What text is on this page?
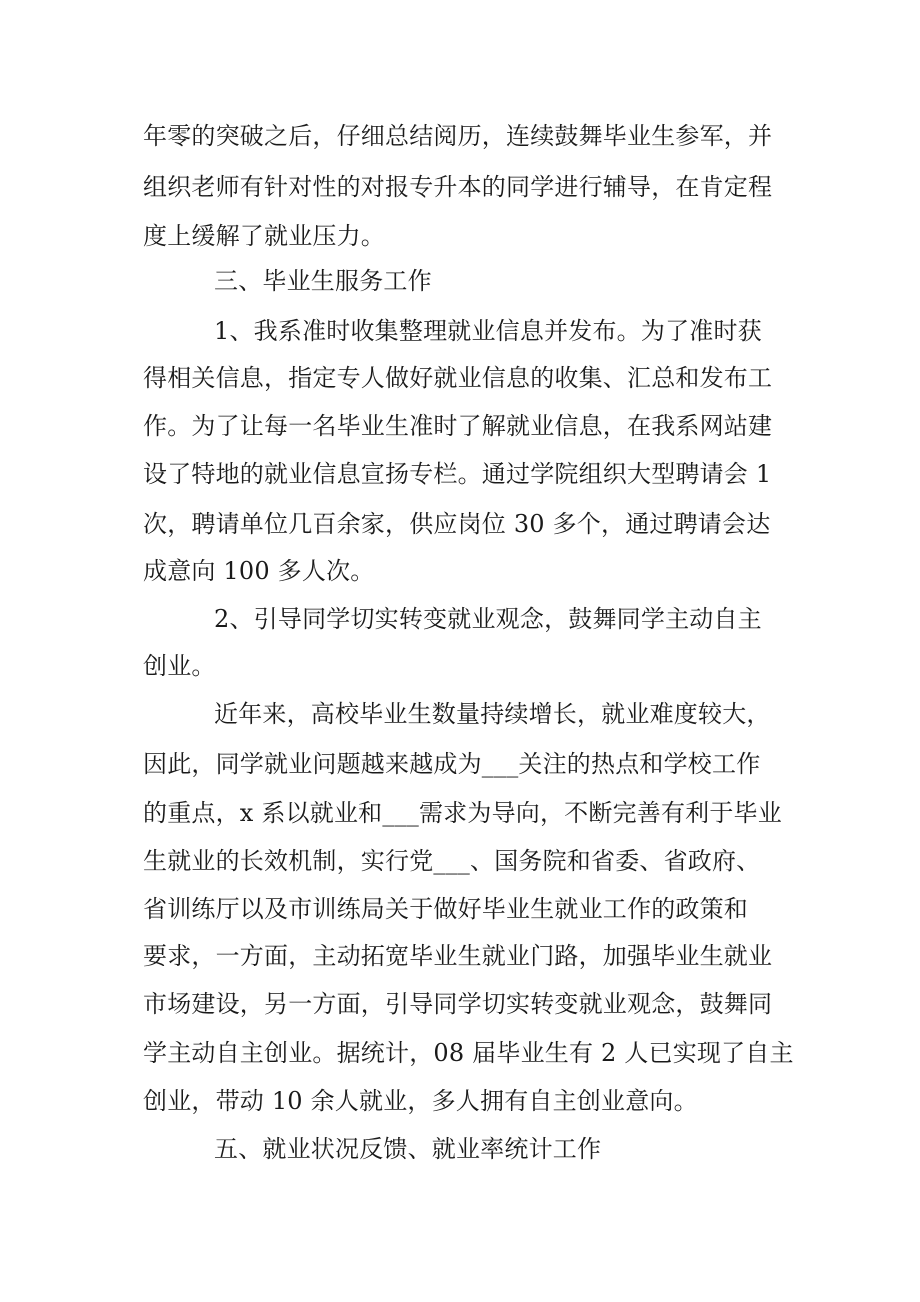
年零的突破之后，仔细总结阅历，连续鼓舞毕业生参军，并
组织老师有针对性的对报专升本的同学进行辅导，在肯定程
度上缓解了就业压力。
三、毕业生服务工作
1、我系准时收集整理就业信息并发布。为了准时获
得相关信息，指定专人做好就业信息的收集、汇总和发布工
作。为了让每一名毕业生准时了解就业信息，在我系网站建
设了特地的就业信息宣扬专栏。通过学院组织大型聘请会 1
次，聘请单位几百余家，供应岗位 30 多个，通过聘请会达
成意向 100 多人次。
2、引导同学切实转变就业观念，鼓舞同学主动自主
创业。
近年来，高校毕业生数量持续增长，就业难度较大，
因此，同学就业问题越来越成为___关注的热点和学校工作
的重点，x 系以就业和___需求为导向，不断完善有利于毕业
生就业的长效机制，实行党___、国务院和省委、省政府、
省训练厅以及市训练局关于做好毕业生就业工作的政策和
要求，一方面，主动拓宽毕业生就业门路，加强毕业生就业
市场建设，另一方面，引导同学切实转变就业观念，鼓舞同
学主动自主创业。据统计，08 届毕业生有 2 人已实现了自主
创业，带动 10 余人就业，多人拥有自主创业意向。
五、就业状况反馈、就业率统计工作
